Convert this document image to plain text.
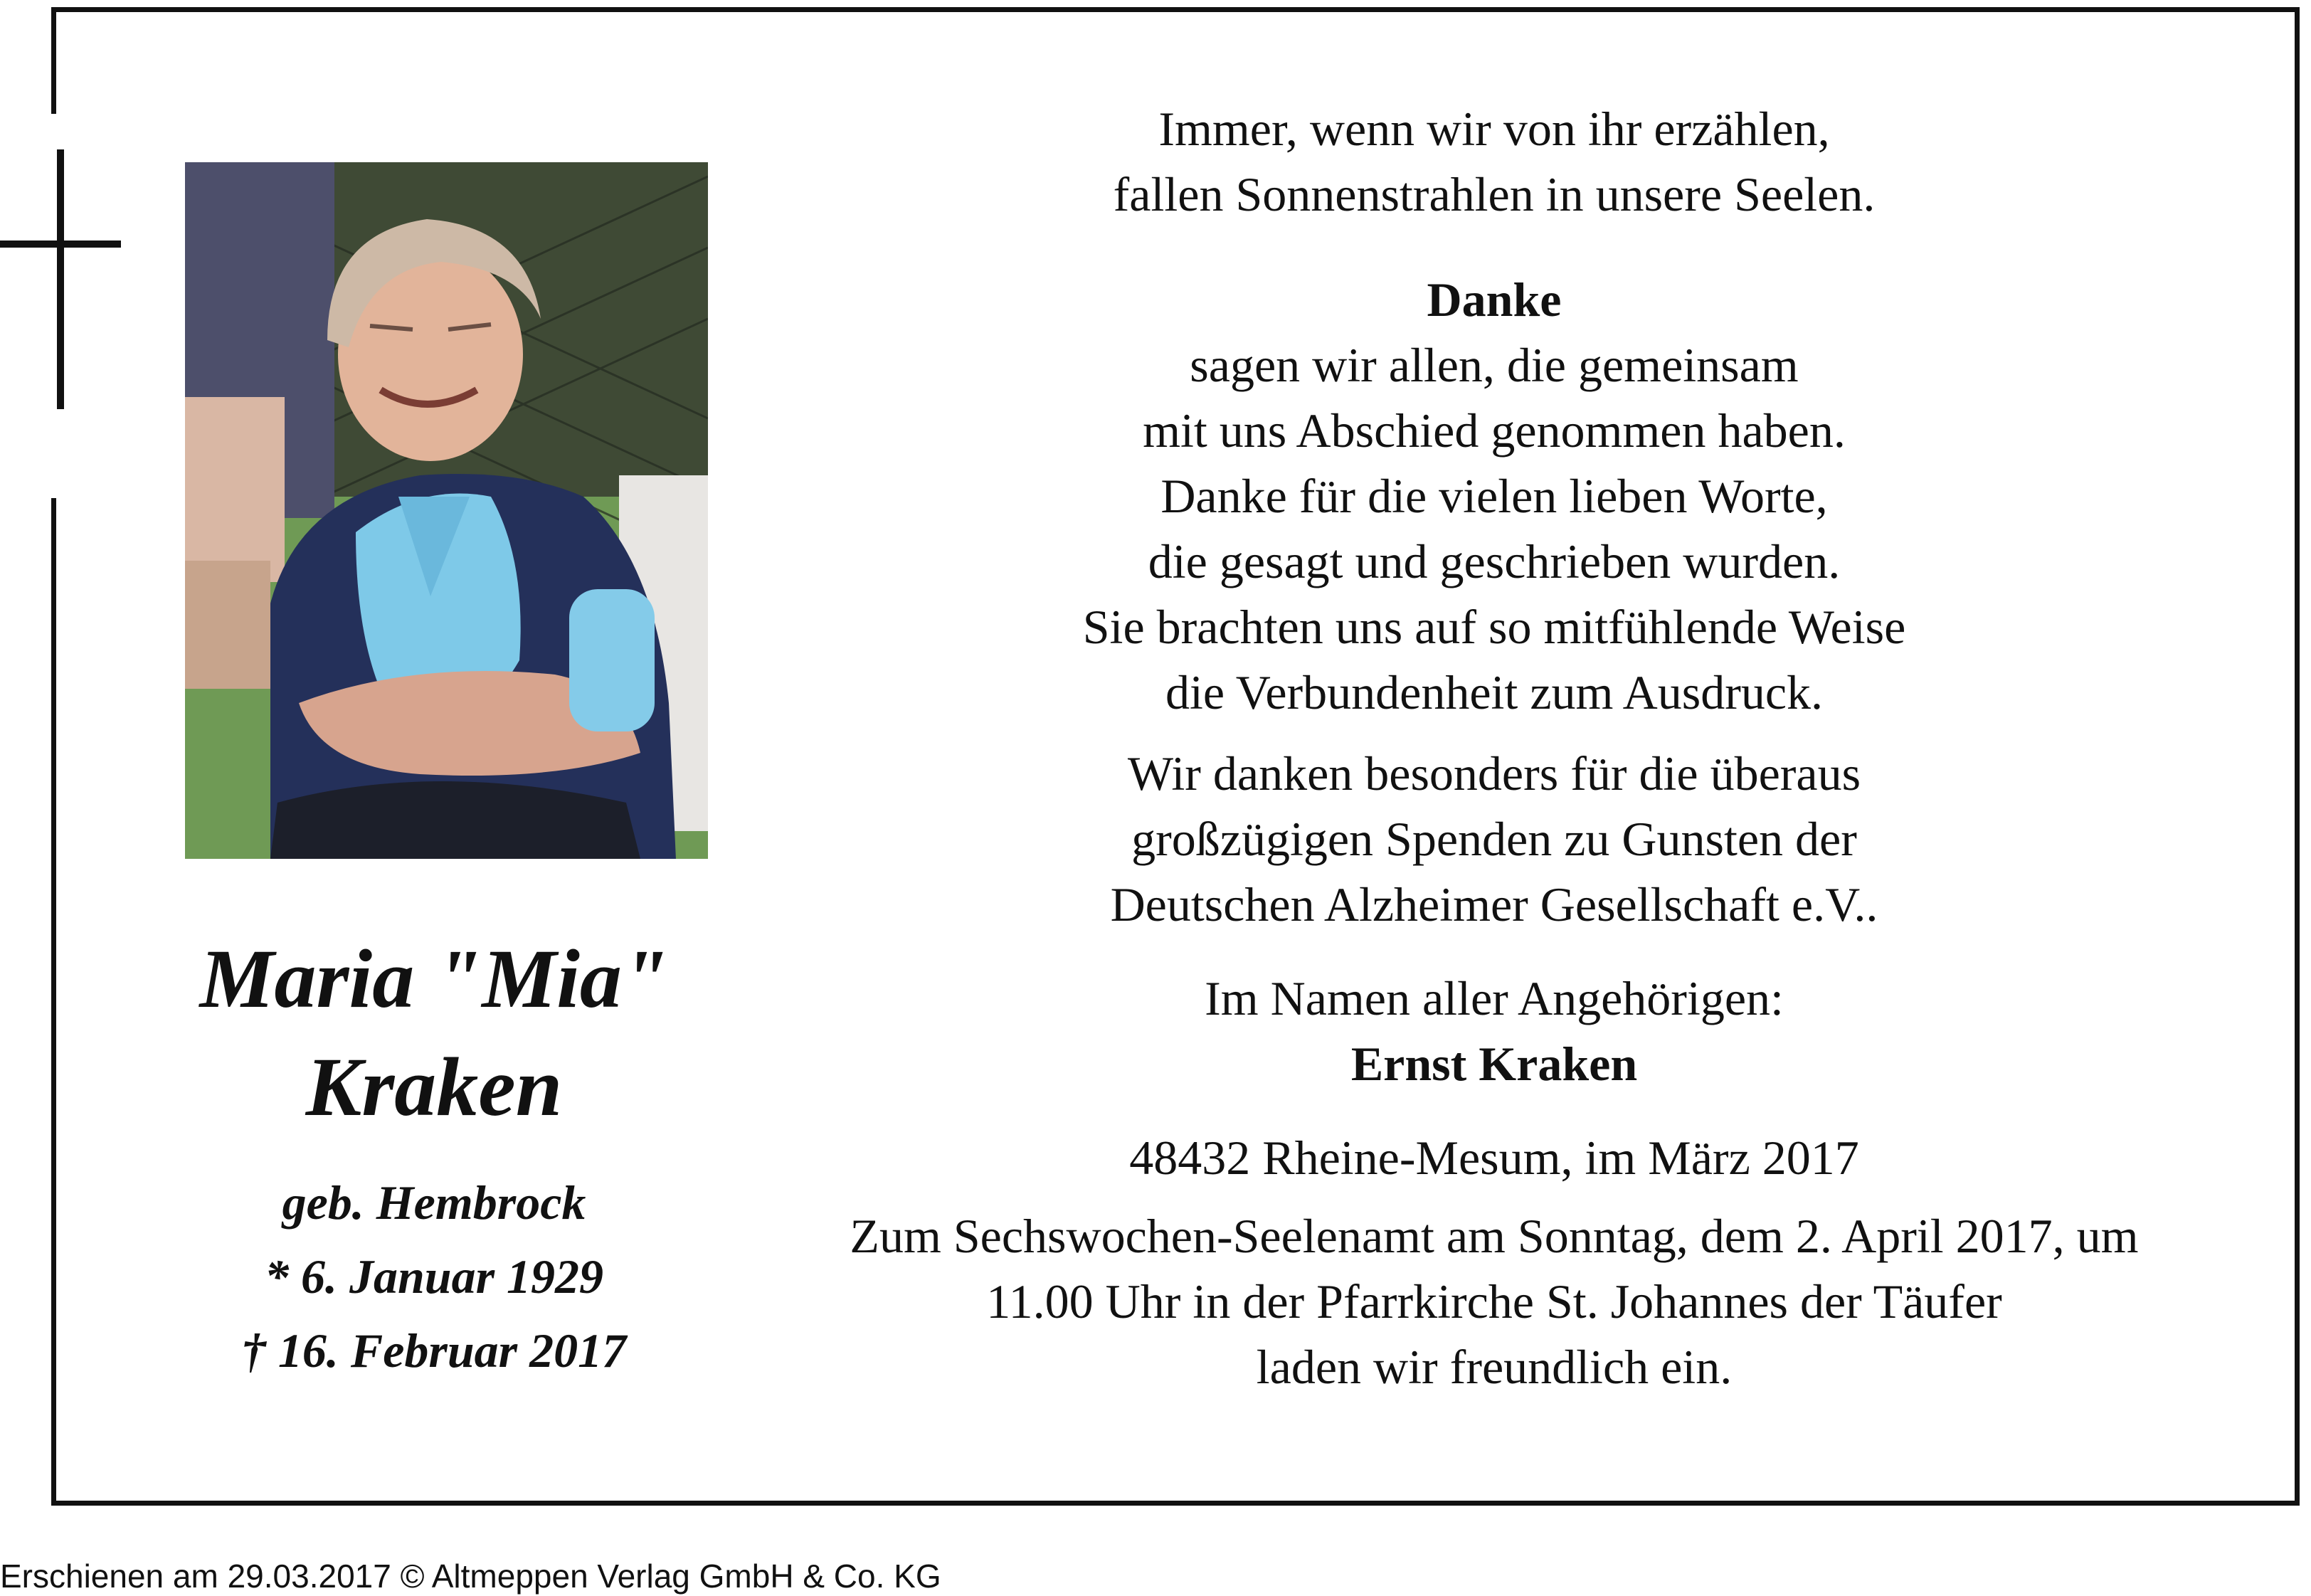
Maria "Mia"
Kraken
geb. Hembrock
* 6. Januar 1929
† 16. Februar 2017

Immer, wenn wir von ihr erzählen,

fallen Sonnenstrahlen in unsere Seelen.

Danke

sagen wir allen, die gemeinsam

mit uns Abschied genommen haben.

Danke für die vielen lieben Worte,

die gesagt und geschrieben wurden.

Sie brachten uns auf so mitfühlende Weise

die Verbundenheit zum Ausdruck.

Wir danken besonders für die überaus

großzügigen Spenden zu Gunsten der

Deutschen Alzheimer Gesellschaft e.V..

Im Namen aller Angehörigen:

Ernst Kraken

48432 Rheine-Mesum, im März 2017

Zum Sechswochen-Seelenamt am Sonntag, dem 2. April 2017, um

11.00 Uhr in der Pfarrkirche St. Johannes der Täufer

laden wir freundlich ein.

Erschienen am 29.03.2017 © Altmeppen Verlag GmbH & Co. KG
